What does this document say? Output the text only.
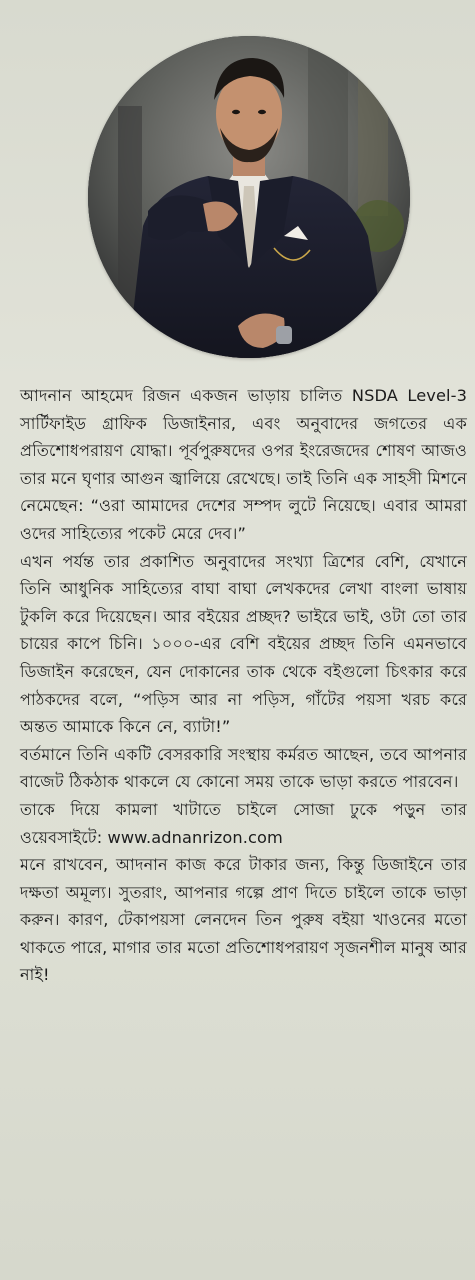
আদনান আহমেদ রিজন একজন ভাড়ায় চালিত NSDA Level-3 সার্টিফাইড গ্রাফিক ডিজাইনার, এবং অনুবাদের জগতের এক প্রতিশোধপরায়ণ যোদ্ধা। পূর্বপুরুষদের ওপর ইংরেজদের শোষণ আজও তার মনে ঘৃণার আগুন জ্বালিয়ে রেখেছে। তাই তিনি এক সাহসী মিশনে নেমেছেন: “ওরা আমাদের দেশের সম্পদ লুটে নিয়েছে। এবার আমরা ওদের সাহিত্যের পকেট মেরে দেব।”

এখন পর্যন্ত তার প্রকাশিত অনুবাদের সংখ্যা ত্রিশের বেশি, যেখানে তিনি আধুনিক সাহিত্যের বাঘা বাঘা লেখকদের লেখা বাংলা ভাষায় টুকলি করে দিয়েছেন। আর বইয়ের প্রচ্ছদ? ভাইরে ভাই, ওটা তো তার চায়ের কাপে চিনি। ১০০০-এর বেশি বইয়ের প্রচ্ছদ তিনি এমনভাবে ডিজাইন করেছেন, যেন দোকানের তাক থেকে বইগুলো চিৎকার করে পাঠকদের বলে, “পড়িস আর না পড়িস, গাঁটের পয়সা খরচ করে অন্তত আমাকে কিনে নে, ব্যাটা!”

বর্তমানে তিনি একটি বেসরকারি সংস্থায় কর্মরত আছেন, তবে আপনার বাজেট ঠিকঠাক থাকলে যে কোনো সময় তাকে ভাড়া করতে পারবেন।

তাকে দিয়ে কামলা খাটাতে চাইলে সোজা ঢুকে পড়ুন তার ওয়েবসাইটে: www.adnanrizon.com

মনে রাখবেন, আদনান কাজ করে টাকার জন্য, কিন্তু ডিজাইনে তার দক্ষতা অমূল্য। সুতরাং, আপনার গল্পে প্রাণ দিতে চাইলে তাকে ভাড়া করুন। কারণ, টেকাপয়সা লেনদেন তিন পুরুষ বইয়া খাওনের মতো থাকতে পারে, মাগার তার মতো প্রতিশোধপরায়ণ সৃজনশীল মানুষ আর নাই!
